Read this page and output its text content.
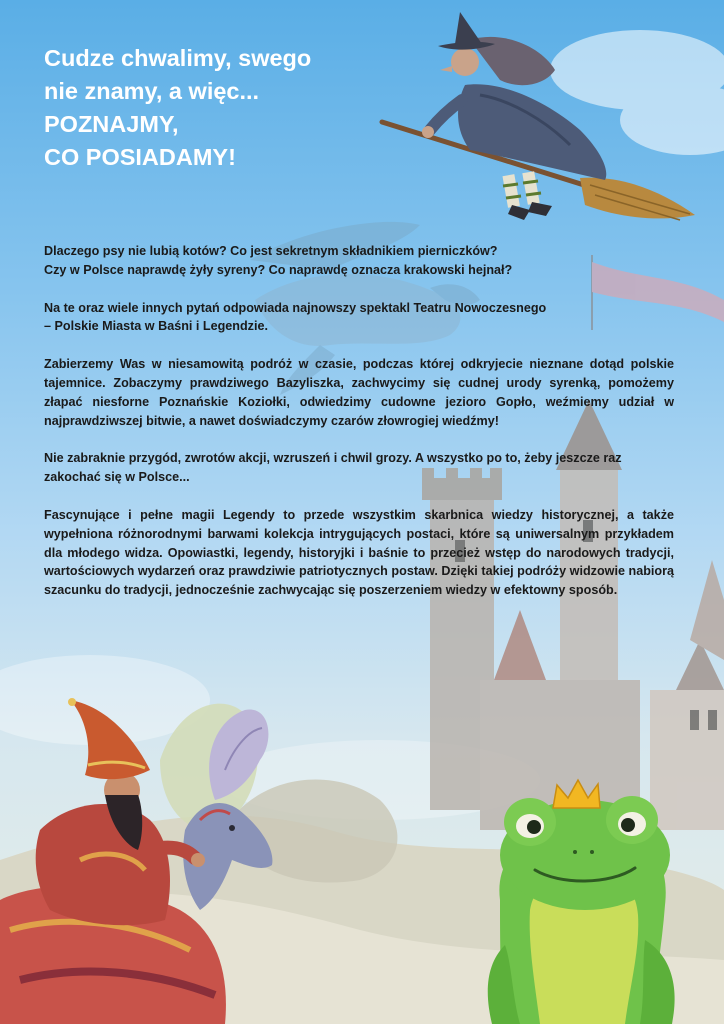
Cudze chwalimy, swego
nie znamy, a więc...
POZNAJMY,
CO POSIADAMY!

Dlaczego psy nie lubią kotów? Co jest sekretnym składnikiem pierniczków?
Czy w Polsce naprawdę żyły syreny? Co naprawdę oznacza krakowski hejnał?

Na te oraz wiele innych pytań odpowiada najnowszy spektakl Teatru Nowoczesnego
– Polskie Miasta w Baśni i Legendzie.

Zabierzemy Was w niesamowitą podróż w czasie, podczas której odkryjecie nieznane dotąd polskie tajemnice. Zobaczymy prawdziwego Bazyliszka, zachwycimy się cudnej urody syrenką, pomożemy złapać niesforne Poznańskie Koziołki, odwiedzimy cudowne jezioro Gopło, weźmiemy udział w najprawdziwszej bitwie, a nawet doświadczymy czarów złowrogiej wiedźmy!

Nie zabraknie przygód, zwrotów akcji, wzruszeń i chwil grozy. A wszystko po to, żeby jeszcze raz zakochać się w Polsce...

Fascynujące i pełne magii Legendy to przede wszystkim skarbnica wiedzy historycznej, a także wypełniona różnorodnymi barwami kolekcja intrygujących postaci, które są uniwersalnym przykładem dla młodego widza. Opowiastki, legendy, historyjki i baśnie to przecież wstęp do narodowych tradycji, wartościowych wydarzeń oraz prawdziwie patriotycznych postaw. Dzięki takiej podróży widzowie nabiorą szacunku do tradycji, jednocześnie zachwycając się poszerzeniem wiedzy w efektowny sposób.
